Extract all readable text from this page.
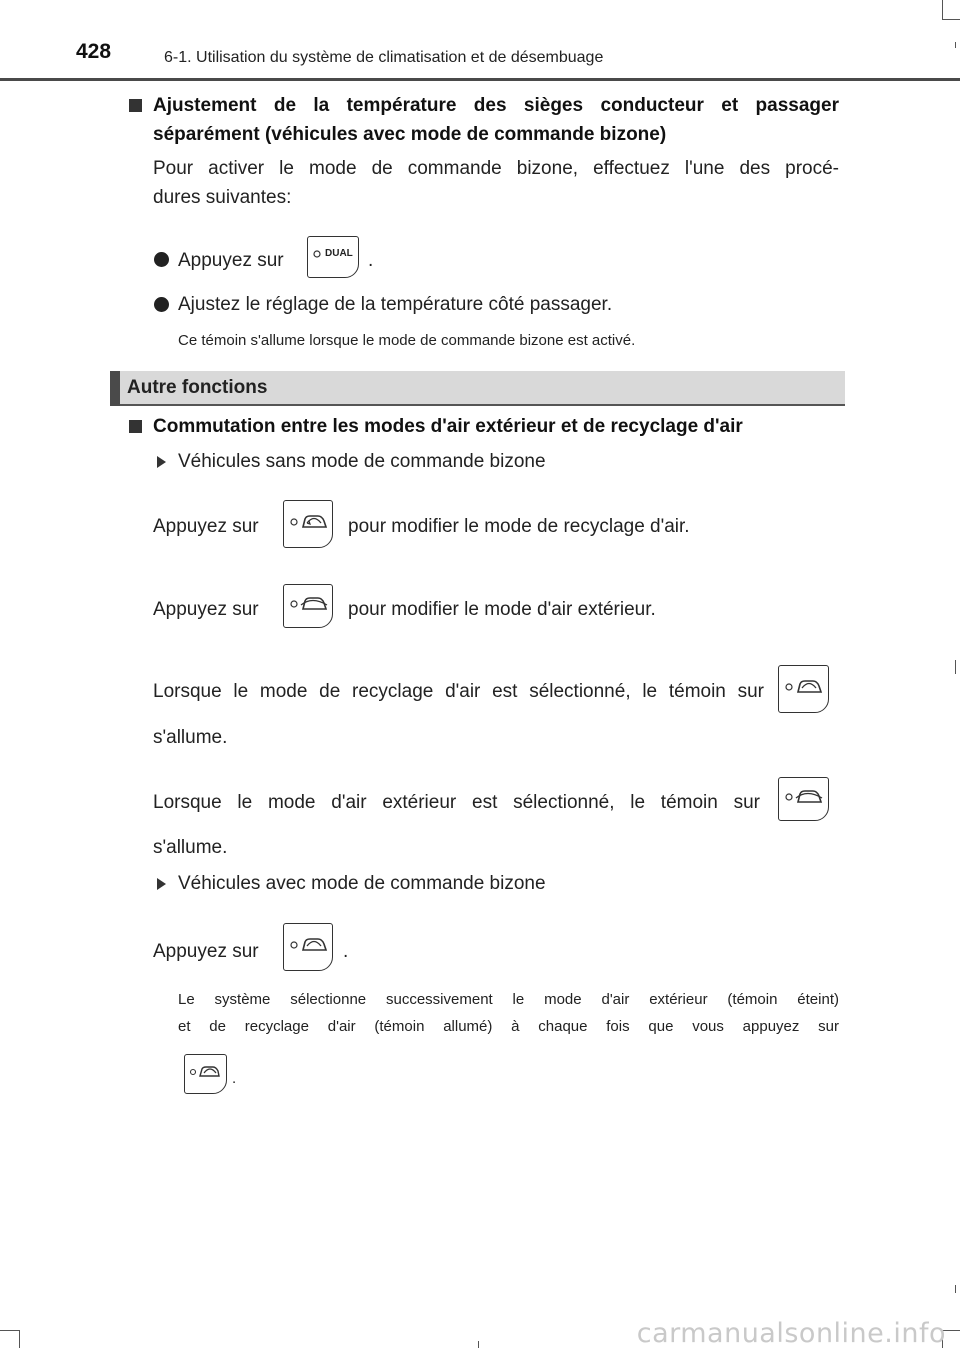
428	6-1. Utilisation du système de climatisation et de désembuage
Ajustement de la température des sièges conducteur et passager
séparément (véhicules avec mode de commande bizone)
Pour activer le mode de commande bizone, effectuez l'une des procé-
dures suivantes:
Appuyez sur	DUAL .
Ajustez le réglage de la température côté passager.
Ce témoin s'allume lorsque le mode de commande bizone est activé.
Autre fonctions
Commutation entre les modes d'air extérieur et de recyclage d'air
Véhicules sans mode de commande bizone
Appuyez sur	pour modifier le mode de recyclage d'air.
Appuyez sur	pour modifier le mode d'air extérieur.
Lorsque le mode de recyclage d'air est sélectionné, le témoin sur
s'allume.
Lorsque le mode d'air extérieur est sélectionné, le témoin sur
s'allume.
Véhicules avec mode de commande bizone
Appuyez sur	.
Le système sélectionne successivement le mode d'air extérieur (témoin éteint)
et de recyclage d'air (témoin allumé) à chaque fois que vous appuyez sur
.
carmanualsonline.info
